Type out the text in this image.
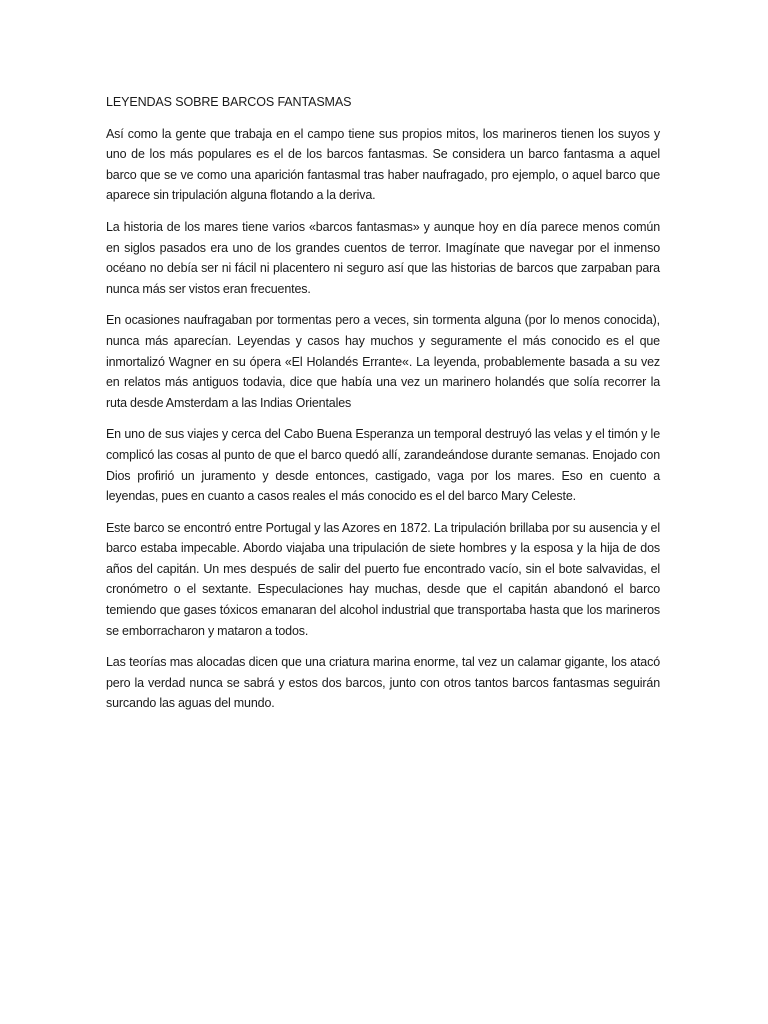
LEYENDAS SOBRE BARCOS FANTASMAS

Así como la gente que trabaja en el campo tiene sus propios mitos, los marineros tienen los suyos y uno de los más populares es el de los barcos fantasmas. Se considera un barco fantasma a aquel barco que se ve como una aparición fantasmal tras haber naufragado, pro ejemplo, o aquel barco que aparece sin tripulación alguna flotando a la deriva.

La historia de los mares tiene varios «barcos fantasmas» y aunque hoy en día parece menos común en siglos pasados era uno de los grandes cuentos de terror. Imagínate que navegar por el inmenso océano no debía ser ni fácil ni placentero ni seguro así que las historias de barcos que zarpaban para nunca más ser vistos eran frecuentes.

En ocasiones naufragaban por tormentas pero a veces, sin tormenta alguna (por lo menos conocida), nunca más aparecían. Leyendas y casos hay muchos y seguramente el más conocido es el que inmortalizó Wagner en su ópera «El Holandés Errante«. La leyenda, probablemente basada a su vez en relatos más antiguos todavia, dice que había una vez un marinero holandés que solía recorrer la ruta desde Amsterdam a las Indias Orientales

En uno de sus viajes y cerca del Cabo Buena Esperanza un temporal destruyó las velas y el timón y le complicó las cosas al punto de que el barco quedó allí, zarandeándose durante semanas. Enojado con Dios profirió un juramento y desde entonces, castigado, vaga por los mares. Eso en cuento a leyendas, pues en cuanto a casos reales el más conocido es el del barco Mary Celeste.

Este barco se encontró entre Portugal y las Azores en 1872. La tripulación brillaba por su ausencia y el barco estaba impecable. Abordo viajaba una tripulación de siete hombres y la esposa y la hija de dos años del capitán. Un mes después de salir del puerto fue encontrado vacío, sin el bote salvavidas, el cronómetro o el sextante. Especulaciones hay muchas, desde que el capitán abandonó el barco temiendo que gases tóxicos emanaran del alcohol industrial que transportaba hasta que los marineros se emborracharon y mataron a todos.

Las teorías mas alocadas dicen que una criatura marina enorme, tal vez un calamar gigante, los atacó pero la verdad nunca se sabrá y estos dos barcos, junto con otros tantos barcos fantasmas seguirán surcando las aguas del mundo.
